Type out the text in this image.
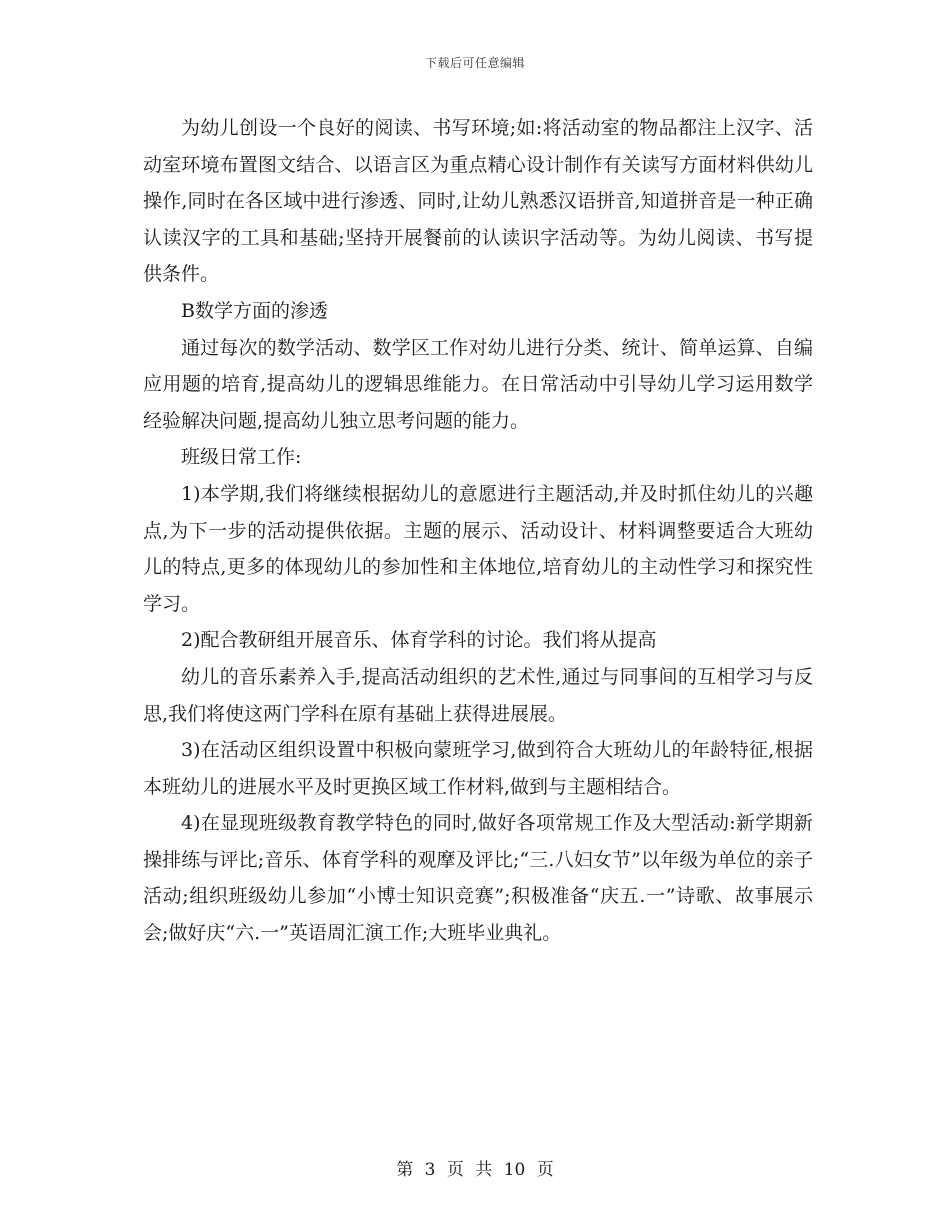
下载后可任意编辑

为幼儿创设一个良好的阅读、书写环境;如:将活动室的物品都注上汉字、活动室环境布置图文结合、以语言区为重点精心设计制作有关读写方面材料供幼儿操作,同时在各区域中进行渗透、同时,让幼儿熟悉汉语拼音,知道拼音是一种正确认读汉字的工具和基础;坚持开展餐前的认读识字活动等。为幼儿阅读、书写提供条件。

B数学方面的渗透

通过每次的数学活动、数学区工作对幼儿进行分类、统计、简单运算、自编应用题的培育,提高幼儿的逻辑思维能力。在日常活动中引导幼儿学习运用数学经验解决问题,提高幼儿独立思考问题的能力。

班级日常工作:

1)本学期,我们将继续根据幼儿的意愿进行主题活动,并及时抓住幼儿的兴趣点,为下一步的活动提供依据。主题的展示、活动设计、材料调整要适合大班幼儿的特点,更多的体现幼儿的参加性和主体地位,培育幼儿的主动性学习和探究性学习。

2)配合教研组开展音乐、体育学科的讨论。我们将从提高

幼儿的音乐素养入手,提高活动组织的艺术性,通过与同事间的互相学习与反思,我们将使这两门学科在原有基础上获得进展展。

3)在活动区组织设置中积极向蒙班学习,做到符合大班幼儿的年龄特征,根据本班幼儿的进展水平及时更换区域工作材料,做到与主题相结合。

4)在显现班级教育教学特色的同时,做好各项常规工作及大型活动:新学期新操排练与评比;音乐、体育学科的观摩及评比;“三.八妇女节”以年级为单位的亲子活动;组织班级幼儿参加“小博士知识竞赛”;积极准备“庆五.一”诗歌、故事展示会;做好庆“六.一”英语周汇演工作;大班毕业典礼。

第 3 页 共 10 页
